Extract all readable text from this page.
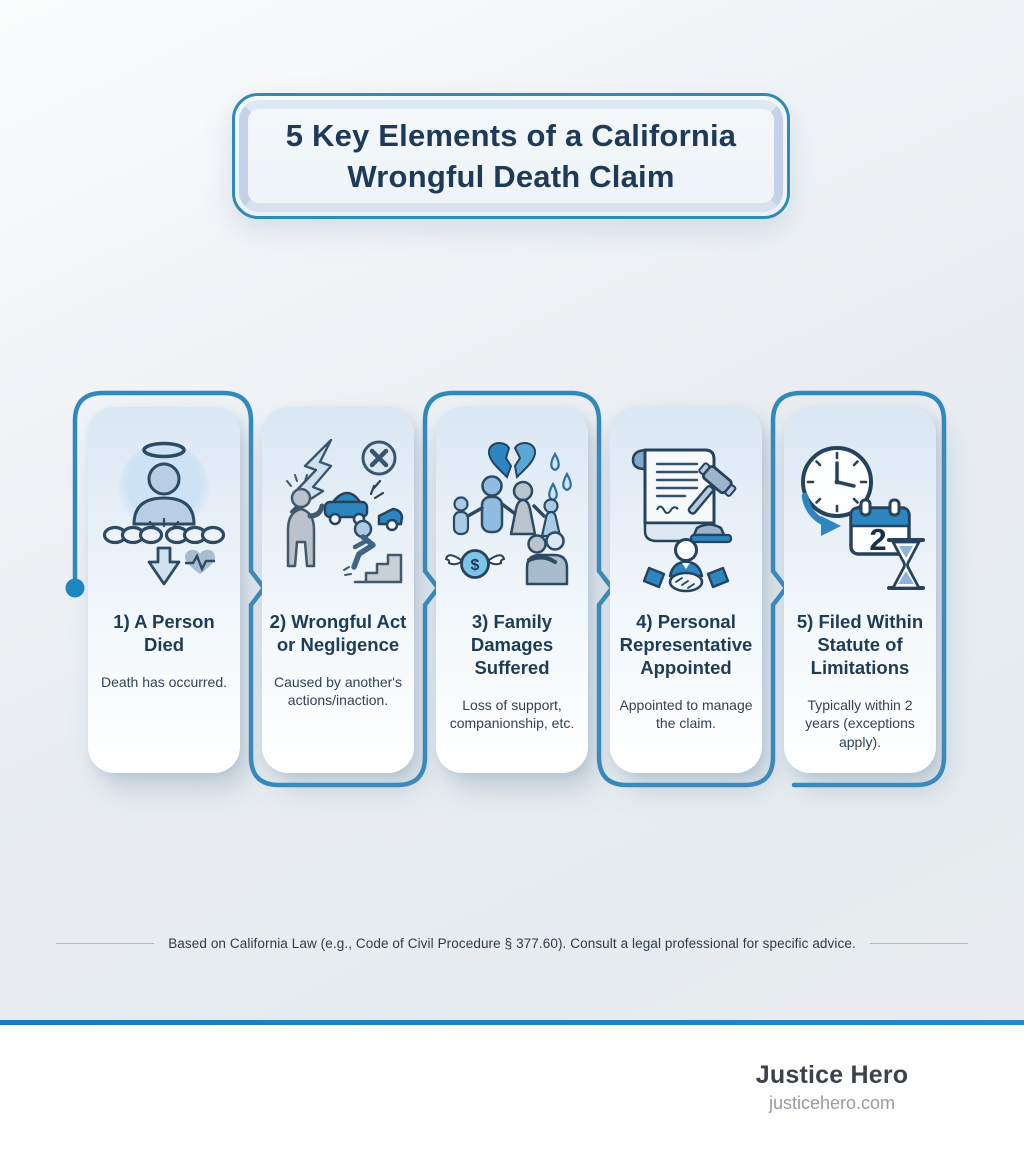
5 Key Elements of a California Wrongful Death Claim
1) A Person Died
Death has occurred.
2) Wrongful Act or Negligence
Caused by another's actions/inaction.
$
3) Family Damages Suffered
Loss of support, companionship, etc.
4) Personal Representative Appointed
Appointed to manage the claim.
2
5) Filed Within Statute of Limitations
Typically within 2 years (exceptions apply).
Based on California Law (e.g., Code of Civil Procedure § 377.60). Consult a legal professional for specific advice.
Justice Hero
justicehero.com
